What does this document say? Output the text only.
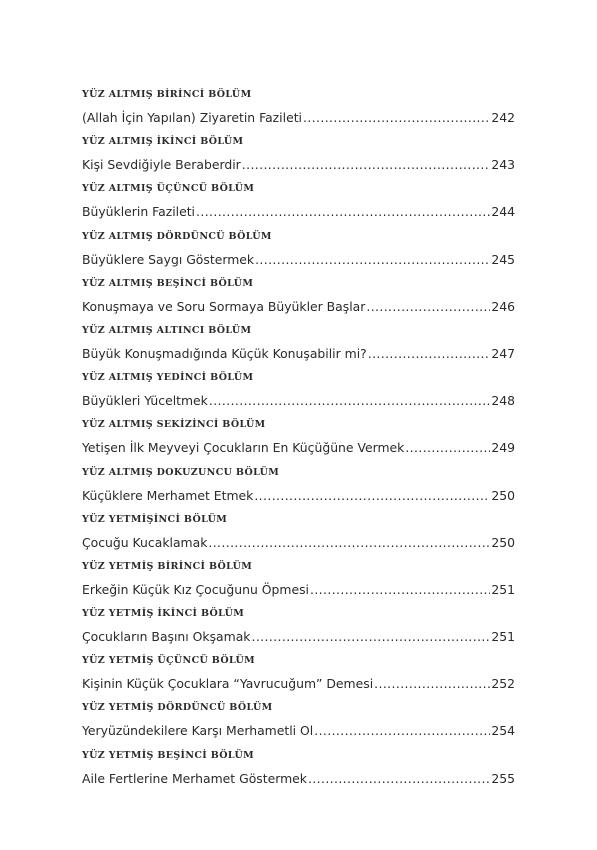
YÜZ ALTMIŞ BİRİNCİ BÖLÜM
(Allah İçin Yapılan) Ziyaretin Fazileti .....	242
YÜZ ALTMIŞ İKİNCİ BÖLÜM
Kişi Sevdiğiyle Beraberdir .....	243
YÜZ ALTMIŞ ÜÇÜNCÜ BÖLÜM
Büyüklerin Fazileti .....	244
YÜZ ALTMIŞ DÖRDÜNCÜ BÖLÜM
Büyüklere Saygı Göstermek .....	245
YÜZ ALTMIŞ BEŞİNCİ BÖLÜM
Konuşmaya ve Soru Sormaya Büyükler Başlar .....	246
YÜZ ALTMIŞ ALTINCI BÖLÜM
Büyük Konuşmadığında Küçük Konuşabilir mi? .....	247
YÜZ ALTMIŞ YEDİNCİ BÖLÜM
Büyükleri Yüceltmek .....	248
YÜZ ALTMIŞ SEKİZİNCİ BÖLÜM
Yetişen İlk Meyveyi Çocukların En Küçüğüne Vermek .....	249
YÜZ ALTMIŞ DOKUZUNCU BÖLÜM
Küçüklere Merhamet Etmek .....	250
YÜZ YETMİŞİNCİ BÖLÜM
Çocuğu Kucaklamak .....	250
YÜZ YETMİŞ BİRİNCİ BÖLÜM
Erkeğin Küçük Kız Çocuğunu Öpmesi .....	251
YÜZ YETMİŞ İKİNCİ BÖLÜM
Çocukların Başını Okşamak .....	251
YÜZ YETMİŞ ÜÇÜNCÜ BÖLÜM
Kişinin Küçük Çocuklara “Yavrucuğum” Demesi .....	252
YÜZ YETMİŞ DÖRDÜNCÜ BÖLÜM
Yeryüzündekilere Karşı Merhametli Ol .....	254
YÜZ YETMİŞ BEŞİNCİ BÖLÜM
Aile Fertlerine Merhamet Göstermek .....	255
